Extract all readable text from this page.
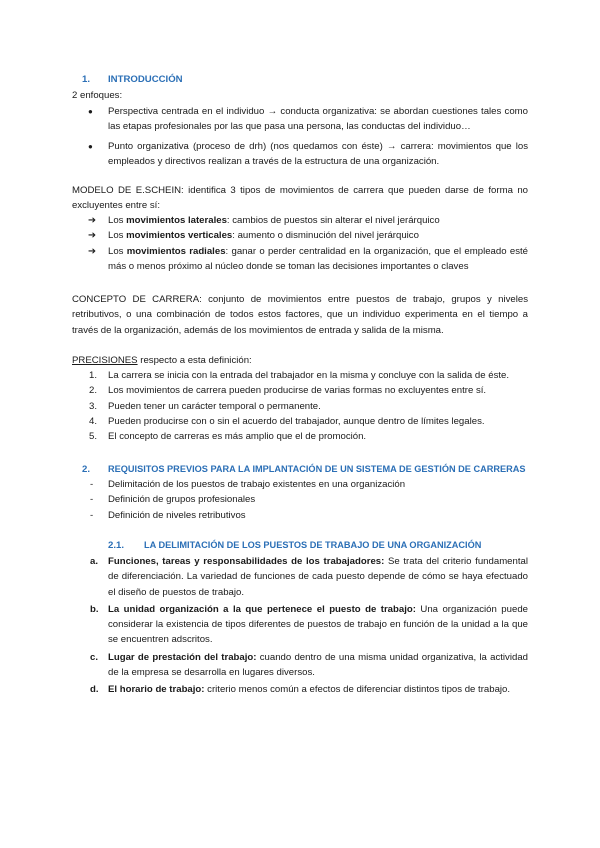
1. INTRODUCCIÓN
2 enfoques:
● Perspectiva centrada en el individuo → conducta organizativa: se abordan cuestiones tales como las etapas profesionales por las que pasa una persona, las conductas del individuo…
● Punto organizativa (proceso de drh) (nos quedamos con éste) → carrera: movimientos que los empleados y directivos realizan a través de la estructura de una organización.
MODELO DE E.SCHEIN: identifica 3 tipos de movimientos de carrera que pueden darse de forma no excluyentes entre sí:
➔ Los movimientos laterales: cambios de puestos sin alterar el nivel jerárquico
➔ Los movimientos verticales: aumento o disminución del nivel jerárquico
➔ Los movimientos radiales: ganar o perder centralidad en la organización, que el empleado esté más o menos próximo al núcleo donde se toman las decisiones importantes o claves
CONCEPTO DE CARRERA: conjunto de movimientos entre puestos de trabajo, grupos y niveles retributivos, o una combinación de todos estos factores, que un individuo experimenta en el tiempo a través de la organización, además de los movimientos de entrada y salida de la misma.
PRECISIONES respecto a esta definición:
1. La carrera se inicia con la entrada del trabajador en la misma y concluye con la salida de éste.
2. Los movimientos de carrera pueden producirse de varias formas no excluyentes entre sí.
3. Pueden tener un carácter temporal o permanente.
4. Pueden producirse con o sin el acuerdo del trabajador, aunque dentro de límites legales.
5. El concepto de carreras es más amplio que el de promoción.
2. REQUISITOS PREVIOS PARA LA IMPLANTACIÓN DE UN SISTEMA DE GESTIÓN DE CARRERAS
- Delimitación de los puestos de trabajo existentes en una organización
- Definición de grupos profesionales
- Definición de niveles retributivos
2.1. LA DELIMITACIÓN DE LOS PUESTOS DE TRABAJO DE UNA ORGANIZACIÓN
a. Funciones, tareas y responsabilidades de los trabajadores: Se trata del criterio fundamental de diferenciación. La variedad de funciones de cada puesto depende de cómo se haya efectuado el diseño de puestos de trabajo.
b. La unidad organización a la que pertenece el puesto de trabajo: Una organización puede considerar la existencia de tipos diferentes de puestos de trabajo en función de la unidad a la que se encuentren adscritos.
c. Lugar de prestación del trabajo: cuando dentro de una misma unidad organizativa, la actividad de la empresa se desarrolla en lugares diversos.
d. El horario de trabajo: criterio menos común a efectos de diferenciar distintos tipos de trabajo.
